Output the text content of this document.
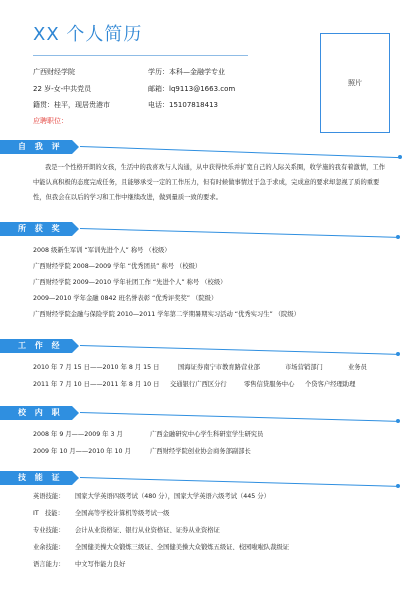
XX 个人简历
广西财经学院	学历：本科—金融学专业
22 岁-女-中共党员	邮箱：lq9113@1663.com
籍贯：桂平，现居贵港市	电话：15107818413
应聘职位：
照片
自 我 评 价
我是一个性格开朗的女孩，生活中的我喜欢与人沟通，从中获得快乐并扩宽自己的人际关系圈，收学施的我有着激情，工作中能认真积极的态度完成任务，且能够承受一定的工作压力，但有时候做事情过于急于求成，完成意的要求却忽视了质的重要性，但我会在以后的学习和工作中继续改进，做到量质一致的要求。
所 获 奖 项
2008 级新生军训 “军训先进个人” 称号 （校级）
广西财经学院 2008—2009 学年 “优秀团员” 称号 （校级）
广西财经学院 2009—2010 学年社团工作 “先进个人” 称号 （校级）
2009—2010 学年金融 0842 班名誉表彰 “优秀评奖奖” （院级）
广西财经学院金融与保险学院 2010—2011 学年第二学期暑期实习活动 “优秀实习生” （院级）
工 作 经 验
2010 年 7 月 15 日——2010 年 8 月 15 日	国海证券南宁市教育路营业部	市场营销部门	业务员
2011 年 7 月 10 日——2011 年 8 月 10 日 交通银行广西区分行	零售信贷服务中心 个贷客户经理助理
校 内 职 务
2008 年 9 月——2009 年 3 月	广西金融研究中心学生科研室学生研究员
2009 年 10 月——2010 年 10 月	广西财经学院创业协会商务部副部长
技 能 证 书
英语技能： 国家大学英语四级考试（480 分），国家大学英语六级考试（445 分）
IT　技能： 全国高等学校计算机等级考试一级
专业技能： 会计从业资格证、银行从业资格证、证券从业资格证
业余技能： 全国健美操大众锻炼三级证、全国健美操大众锻炼五级证、校园啦啦队裁级证
语言能力： 中文写作能力良好
